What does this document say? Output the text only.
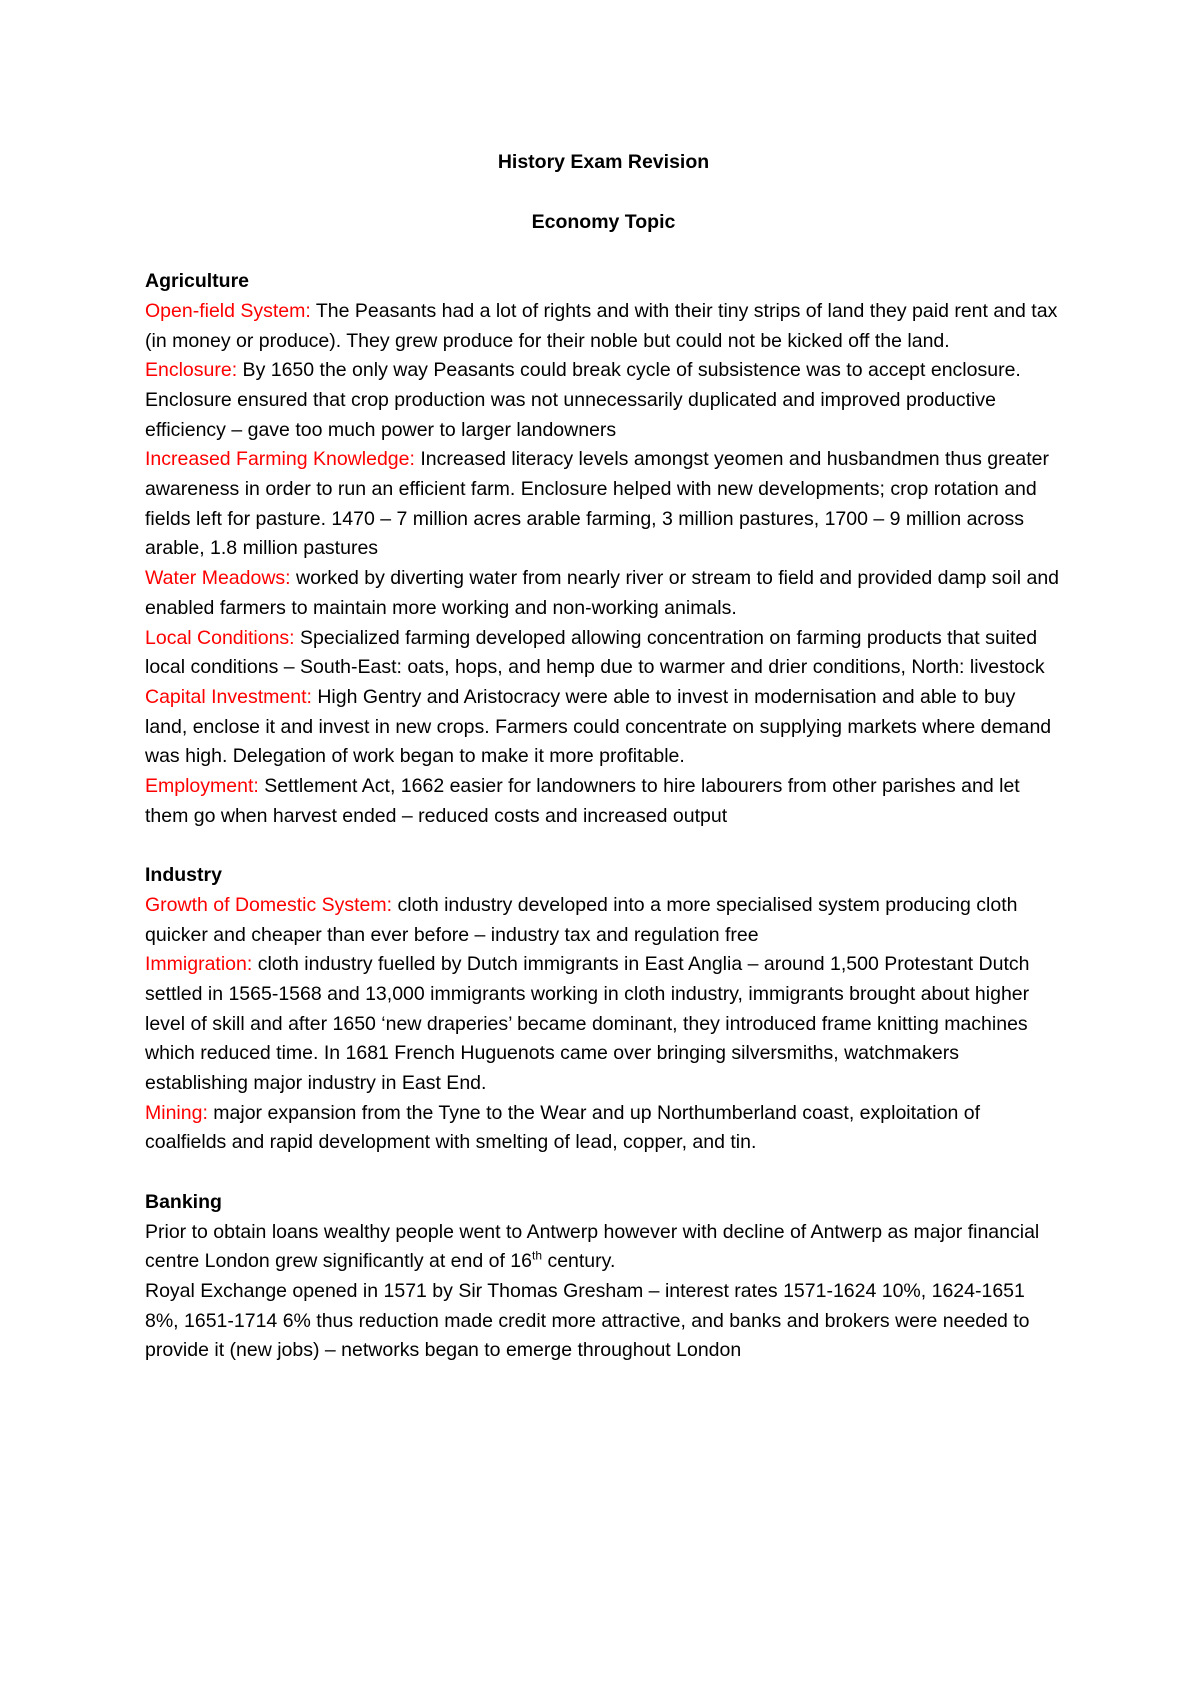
History Exam Revision

Economy Topic

Agriculture

Open-field System: The Peasants had a lot of rights and with their tiny strips of land they paid rent and tax (in money or produce). They grew produce for their noble but could not be kicked off the land.

Enclosure: By 1650 the only way Peasants could break cycle of subsistence was to accept enclosure. Enclosure ensured that crop production was not unnecessarily duplicated and improved productive efficiency – gave too much power to larger landowners

Increased Farming Knowledge: Increased literacy levels amongst yeomen and husbandmen thus greater awareness in order to run an efficient farm. Enclosure helped with new developments; crop rotation and fields left for pasture. 1470 – 7 million acres arable farming, 3 million pastures, 1700 – 9 million across arable, 1.8 million pastures

Water Meadows: worked by diverting water from nearly river or stream to field and provided damp soil and enabled farmers to maintain more working and non-working animals.

Local Conditions: Specialized farming developed allowing concentration on farming products that suited local conditions – South-East: oats, hops, and hemp due to warmer and drier conditions, North: livestock

Capital Investment: High Gentry and Aristocracy were able to invest in modernisation and able to buy land, enclose it and invest in new crops. Farmers could concentrate on supplying markets where demand was high. Delegation of work began to make it more profitable.

Employment: Settlement Act, 1662 easier for landowners to hire labourers from other parishes and let them go when harvest ended – reduced costs and increased output

Industry

Growth of Domestic System: cloth industry developed into a more specialised system producing cloth quicker and cheaper than ever before – industry tax and regulation free

Immigration: cloth industry fuelled by Dutch immigrants in East Anglia – around 1,500 Protestant Dutch settled in 1565-1568 and 13,000 immigrants working in cloth industry, immigrants brought about higher level of skill and after 1650 ‘new draperies’ became dominant, they introduced frame knitting machines which reduced time. In 1681 French Huguenots came over bringing silversmiths, watchmakers establishing major industry in East End.

Mining: major expansion from the Tyne to the Wear and up Northumberland coast, exploitation of coalfields and rapid development with smelting of lead, copper, and tin.

Banking

Prior to obtain loans wealthy people went to Antwerp however with decline of Antwerp as major financial centre London grew significantly at end of 16th century.

Royal Exchange opened in 1571 by Sir Thomas Gresham – interest rates 1571-1624 10%, 1624-1651 8%, 1651-1714 6% thus reduction made credit more attractive, and banks and brokers were needed to provide it (new jobs) – networks began to emerge throughout London
